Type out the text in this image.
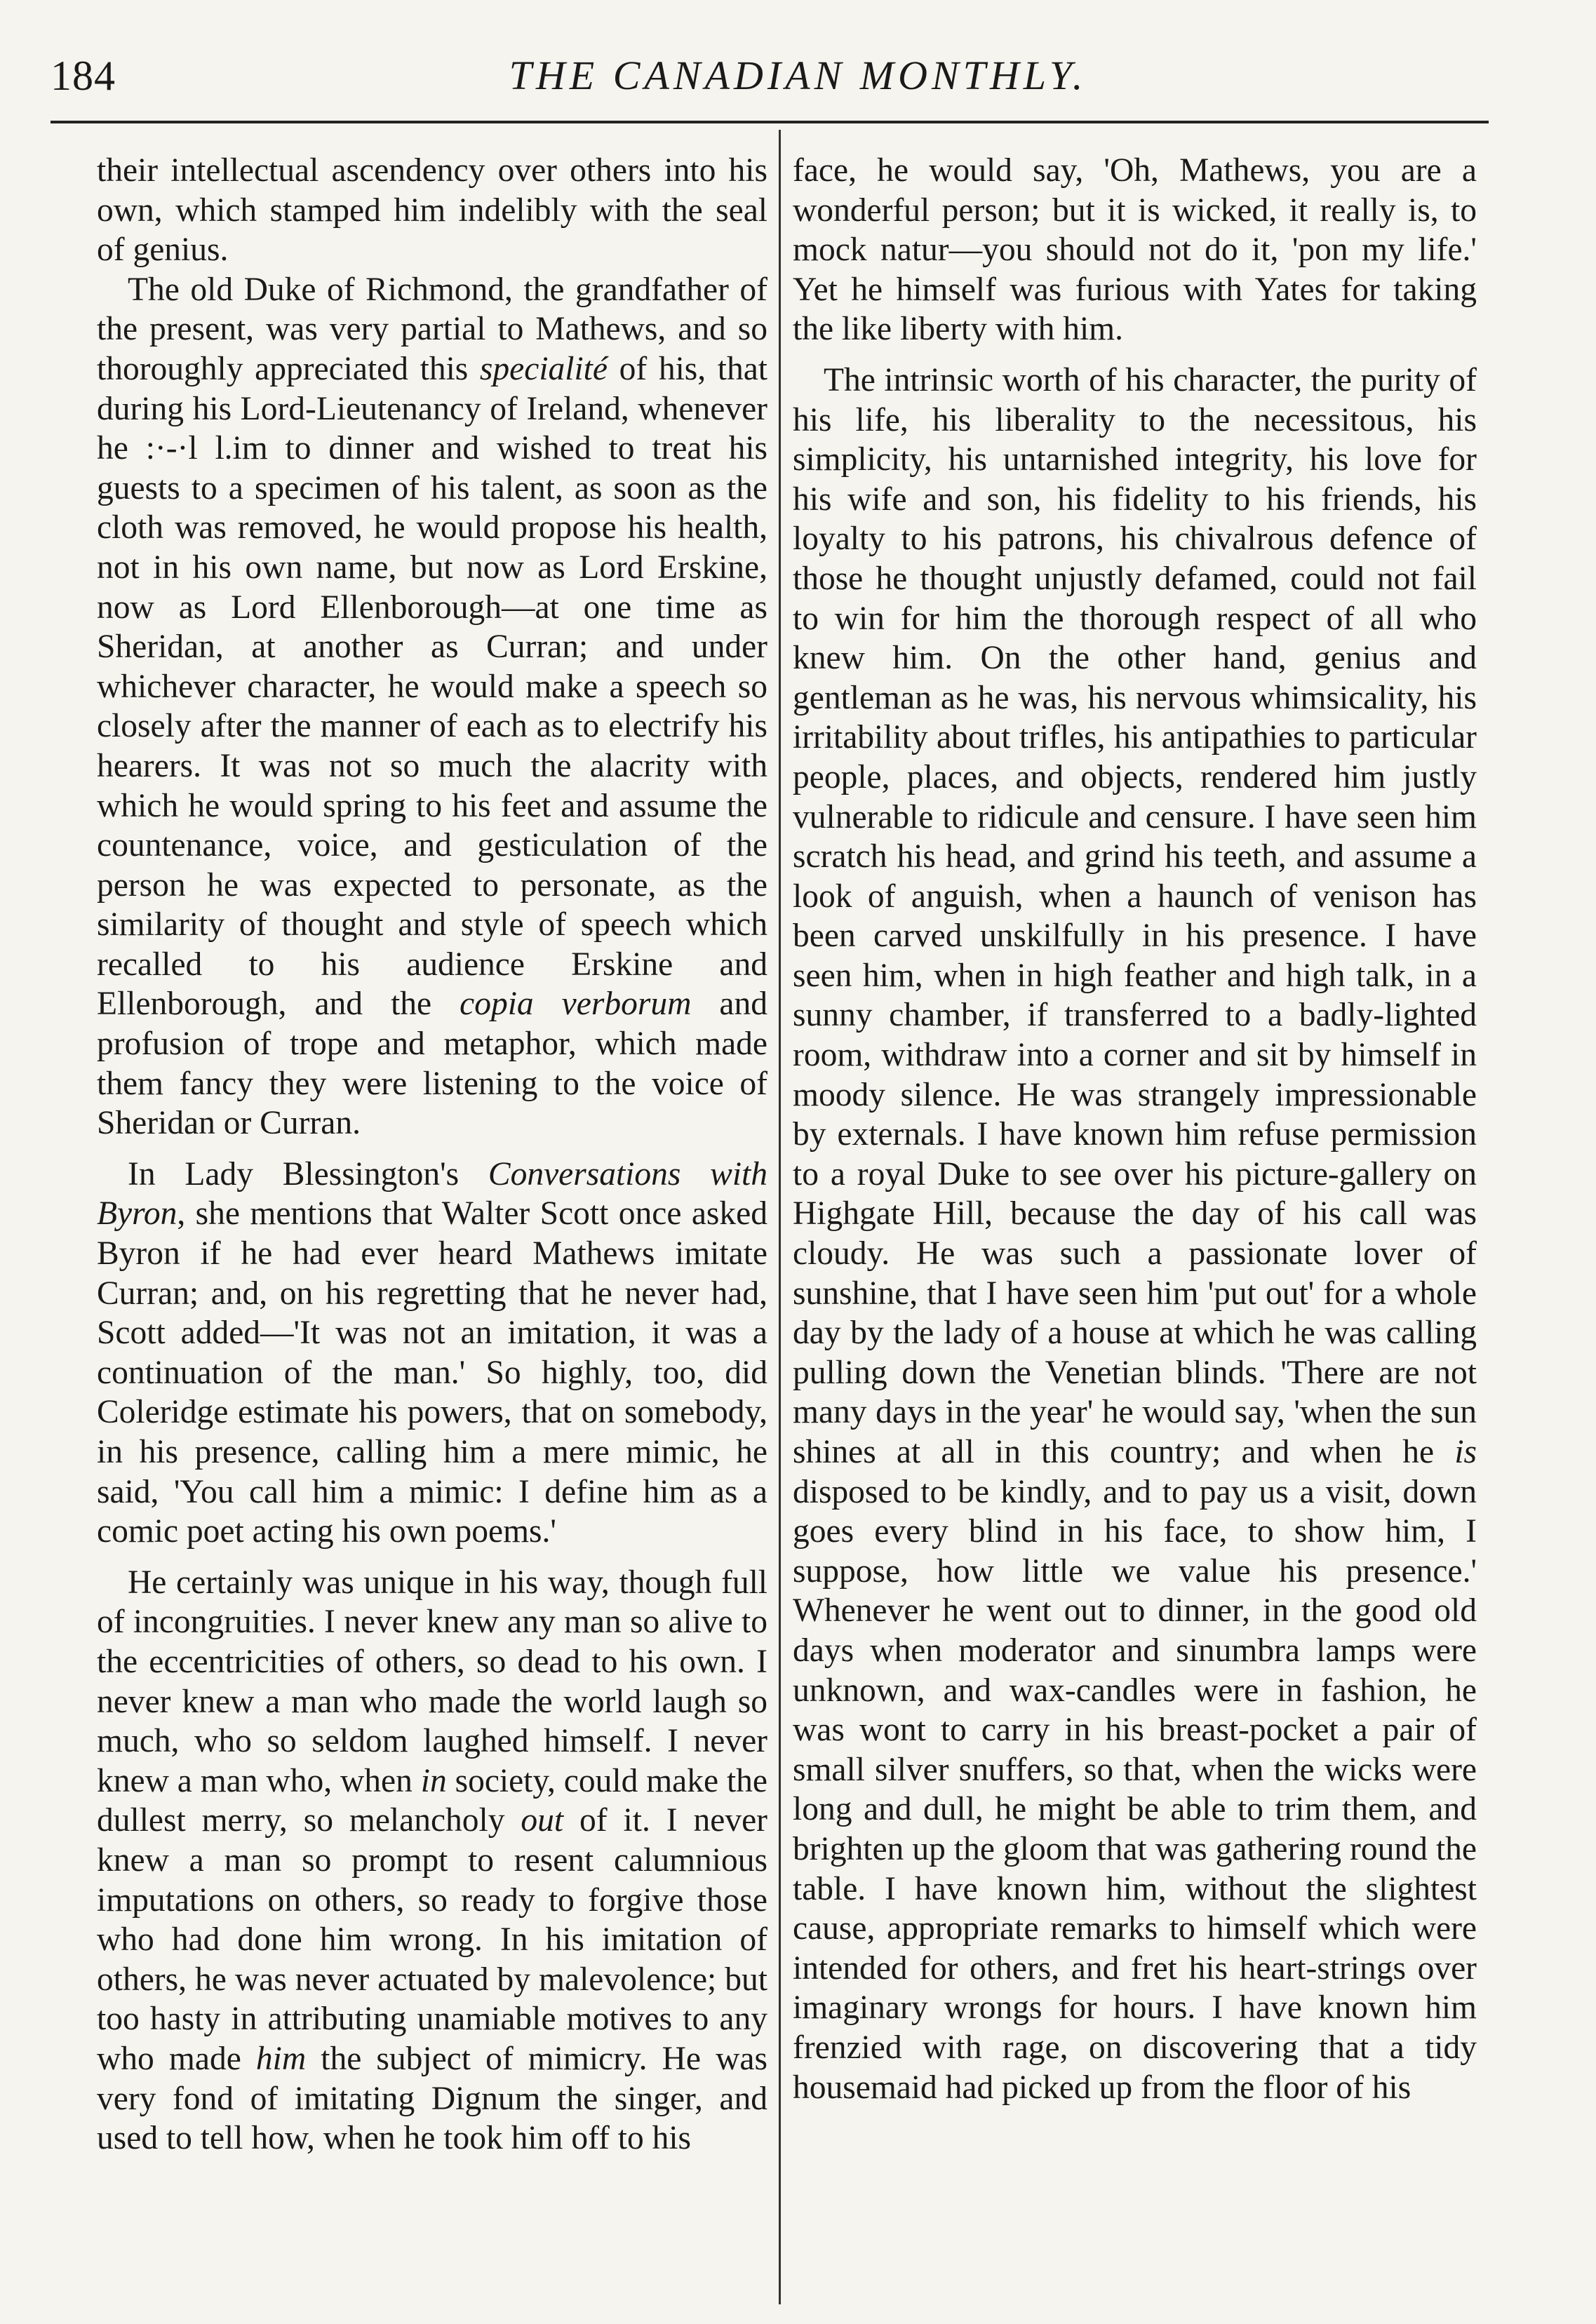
184	THE CANADIAN MONTHLY.

their intellectual ascendency over others into his own, which stamped him indelibly with the seal of genius.

The old Duke of Richmond, the grandfather of the present, was very partial to Mathews, and so thoroughly appreciated this specialité of his, that during his Lord-Lieutenancy of Ireland, whenever he :·-·l l.im to dinner and wished to treat his guests to a specimen of his talent, as soon as the cloth was removed, he would propose his health, not in his own name, but now as Lord Erskine, now as Lord Ellenborough—at one time as Sheridan, at another as Curran; and under whichever character, he would make a speech so closely after the manner of each as to electrify his hearers. It was not so much the alacrity with which he would spring to his feet and assume the countenance, voice, and gesticulation of the person he was expected to personate, as the similarity of thought and style of speech which recalled to his audience Erskine and Ellenborough, and the copia verborum and profusion of trope and metaphor, which made them fancy they were listening to the voice of Sheridan or Curran.

In Lady Blessington's Conversations with Byron, she mentions that Walter Scott once asked Byron if he had ever heard Mathews imitate Curran; and, on his regretting that he never had, Scott added—'It was not an imitation, it was a continuation of the man.' So highly, too, did Coleridge estimate his powers, that on somebody, in his presence, calling him a mere mimic, he said, 'You call him a mimic: I define him as a comic poet acting his own poems.'

He certainly was unique in his way, though full of incongruities. I never knew any man so alive to the eccentricities of others, so dead to his own. I never knew a man who made the world laugh so much, who so seldom laughed himself. I never knew a man who, when in society, could make the dullest merry, so melancholy out of it. I never knew a man so prompt to resent calumnious imputations on others, so ready to forgive those who had done him wrong. In his imitation of others, he was never actuated by malevolence; but too hasty in attributing unamiable motives to any who made him the subject of mimicry. He was very fond of imitating Dignum the singer, and used to tell how, when he took him off to his

face, he would say, 'Oh, Mathews, you are a wonderful person; but it is wicked, it really is, to mock natur—you should not do it, 'pon my life.' Yet he himself was furious with Yates for taking the like liberty with him.

The intrinsic worth of his character, the purity of his life, his liberality to the necessitous, his simplicity, his untarnished integrity, his love for his wife and son, his fidelity to his friends, his loyalty to his patrons, his chivalrous defence of those he thought unjustly defamed, could not fail to win for him the thorough respect of all who knew him. On the other hand, genius and gentleman as he was, his nervous whimsicality, his irritability about trifles, his antipathies to particular people, places, and objects, rendered him justly vulnerable to ridicule and censure. I have seen him scratch his head, and grind his teeth, and assume a look of anguish, when a haunch of venison has been carved unskilfully in his presence. I have seen him, when in high feather and high talk, in a sunny chamber, if transferred to a badly-lighted room, withdraw into a corner and sit by himself in moody silence. He was strangely impressionable by externals. I have known him refuse permission to a royal Duke to see over his picture-gallery on Highgate Hill, because the day of his call was cloudy. He was such a passionate lover of sunshine, that I have seen him 'put out' for a whole day by the lady of a house at which he was calling pulling down the Venetian blinds. 'There are not many days in the year' he would say, 'when the sun shines at all in this country; and when he is disposed to be kindly, and to pay us a visit, down goes every blind in his face, to show him, I suppose, how little we value his presence.' Whenever he went out to dinner, in the good old days when moderator and sinumbra lamps were unknown, and wax-candles were in fashion, he was wont to carry in his breast-pocket a pair of small silver snuffers, so that, when the wicks were long and dull, he might be able to trim them, and brighten up the gloom that was gathering round the table. I have known him, without the slightest cause, appropriate remarks to himself which were intended for others, and fret his heart-strings over imaginary wrongs for hours. I have known him frenzied with rage, on discovering that a tidy housemaid had picked up from the floor of his
